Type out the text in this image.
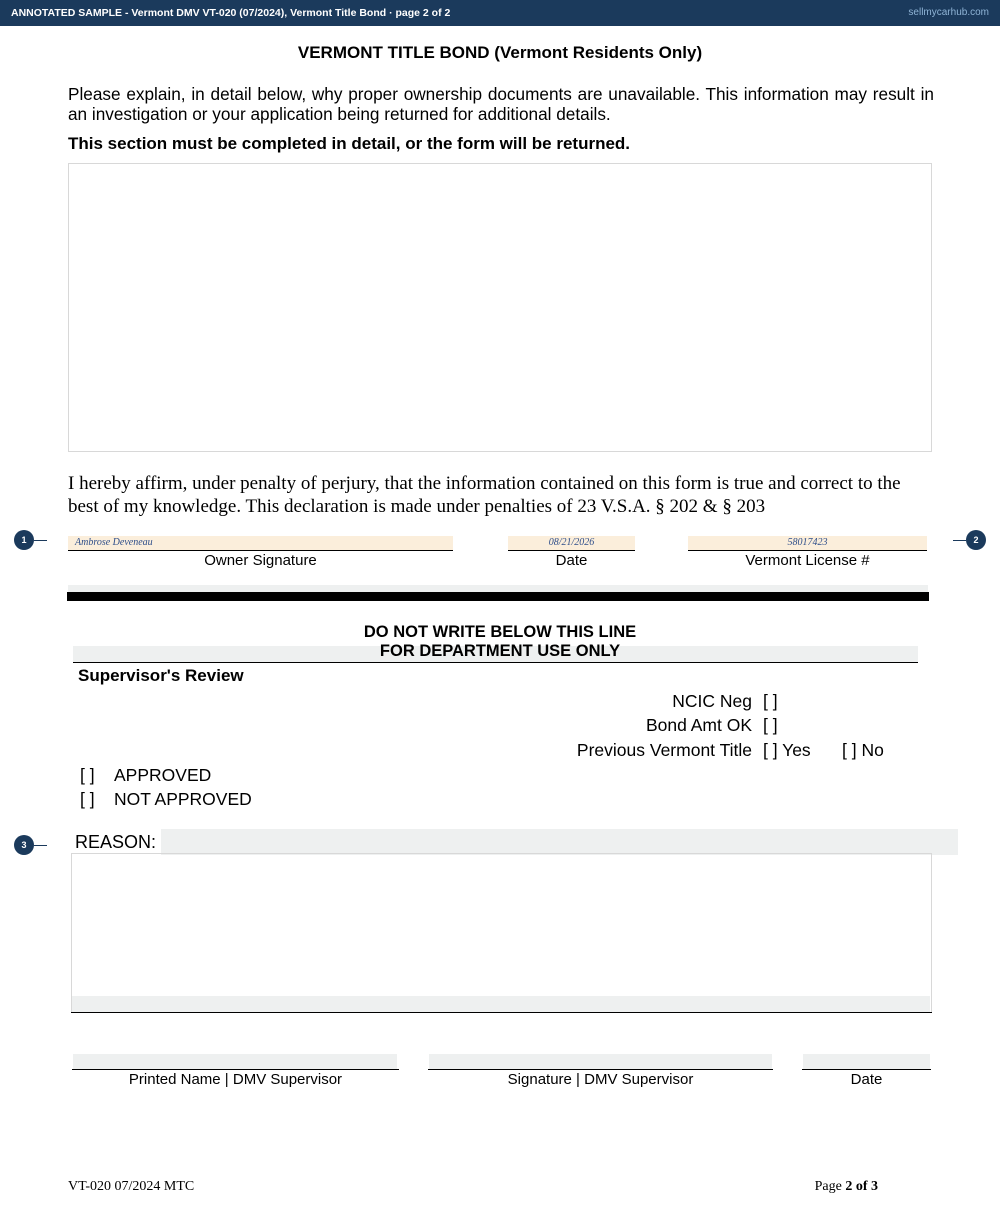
ANNOTATED SAMPLE - Vermont DMV VT-020 (07/2024), Vermont Title Bond · page 2 of 2	sellmycarhub.com
VERMONT TITLE BOND (Vermont Residents Only)
Please explain, in detail below, why proper ownership documents are unavailable. This information may result in an investigation or your application being returned for additional details.
This section must be completed in detail, or the form will be returned.
I hereby affirm, under penalty of perjury, that the information contained on this form is true and correct to the best of my knowledge. This declaration is made under penalties of 23 V.S.A. § 202 & § 203
1	2
Ambrose Deveneau
Owner Signature
08/21/2026
Date
58017423
Vermont License #
DO NOT WRITE BELOW THIS LINE
FOR DEPARTMENT USE ONLY
Supervisor's Review
NCIC Neg [ ]
Bond Amt OK [ ]
Previous Vermont Title [ ] Yes [ ] No
[ ] APPROVED
[ ] NOT APPROVED
3	REASON:
Printed Name | DMV Supervisor	Signature | DMV Supervisor	Date
VT-020 07/2024 MTC	Page 2 of 3
